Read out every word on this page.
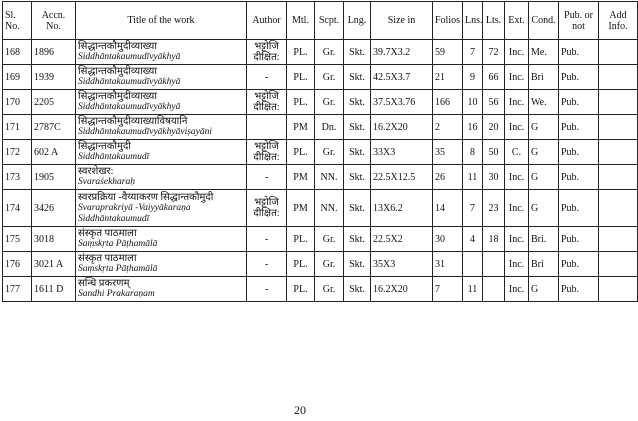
Sl. No.	Accn. No.	Title of the work	Author	Mtl.	Scpt.	Lng.	Size in	Folios	Lns.	Lts.	Ext.	Cond.	Pub. or not	Add Info.
168	1896	सिद्धान्तकौमुदीव्याख्या
Siddhāntakaumudīvyākhyā	भट्टोजि दीक्षित:	PL.	Gr.	Skt.	39.7X3.2	59	7	72	Inc.	Me.	Pub.	
169	1939	सिद्धान्तकौमुदीव्याख्या
Siddhāntakaumudīvyākhyā	-	PL.	Gr.	Skt.	42.5X3.7	21	9	66	Inc.	Bri	Pub.	
170	2205	सिद्धान्तकौमुदीव्याख्या
Siddhāntakaumudīvyākhyā	भट्टोजि दीक्षित:	PL.	Gr.	Skt.	37.5X3.76	166	10	56	Inc.	We.	Pub.	
171	2787C	सिद्धान्तकौमुदीव्याख्याविषयानि
Siddhāntakaumudīvyākhyāviṣayāni		PM	Dn.	Skt.	16.2X20	2	16	20	Inc.	G	Pub.	
172	602 A	सिद्धान्तकौमुदी
Siddhāntakaumudī	भट्टोजि दीक्षित:	PL.	Gr.	Skt.	33X3	35	8	50	C.	G	Pub.	
173	1905	स्वरशेखर:
Svaraśekharaḥ	-	PM	NN.	Skt.	22.5X12.5	26	11	30	Inc.	G	Pub.	
174	3426	स्वरप्रक्रिया -वैय्याकरण सिद्धान्तकौमुदी
Svaraprakriyā -Vaiyyākaraṇa Siddhāntakaumudī	भट्टोजि दीक्षित:	PM	NN.	Skt.	13X6.2	14	7	23	Inc.	G	Pub.	
175	3018	संस्कृत पाठमाला
Saṃskṛta Pāṭhamālā	-	PL.	Gr.	Skt.	22.5X2	30	4	18	Inc.	Bri.	Pub.	
176	3021 A	संस्कृत पाठमाला
Saṃskṛta Pāṭhamālā	-	PL.	Gr.	Skt.	35X3	31			Inc.	Bri	Pub.	
177	1611 D	सन्धि प्रकरणम्
Sandhi Prakaraṇam	-	PL.	Gr.	Skt.	16.2X20	7	11		Inc.	G	Pub.	
20
